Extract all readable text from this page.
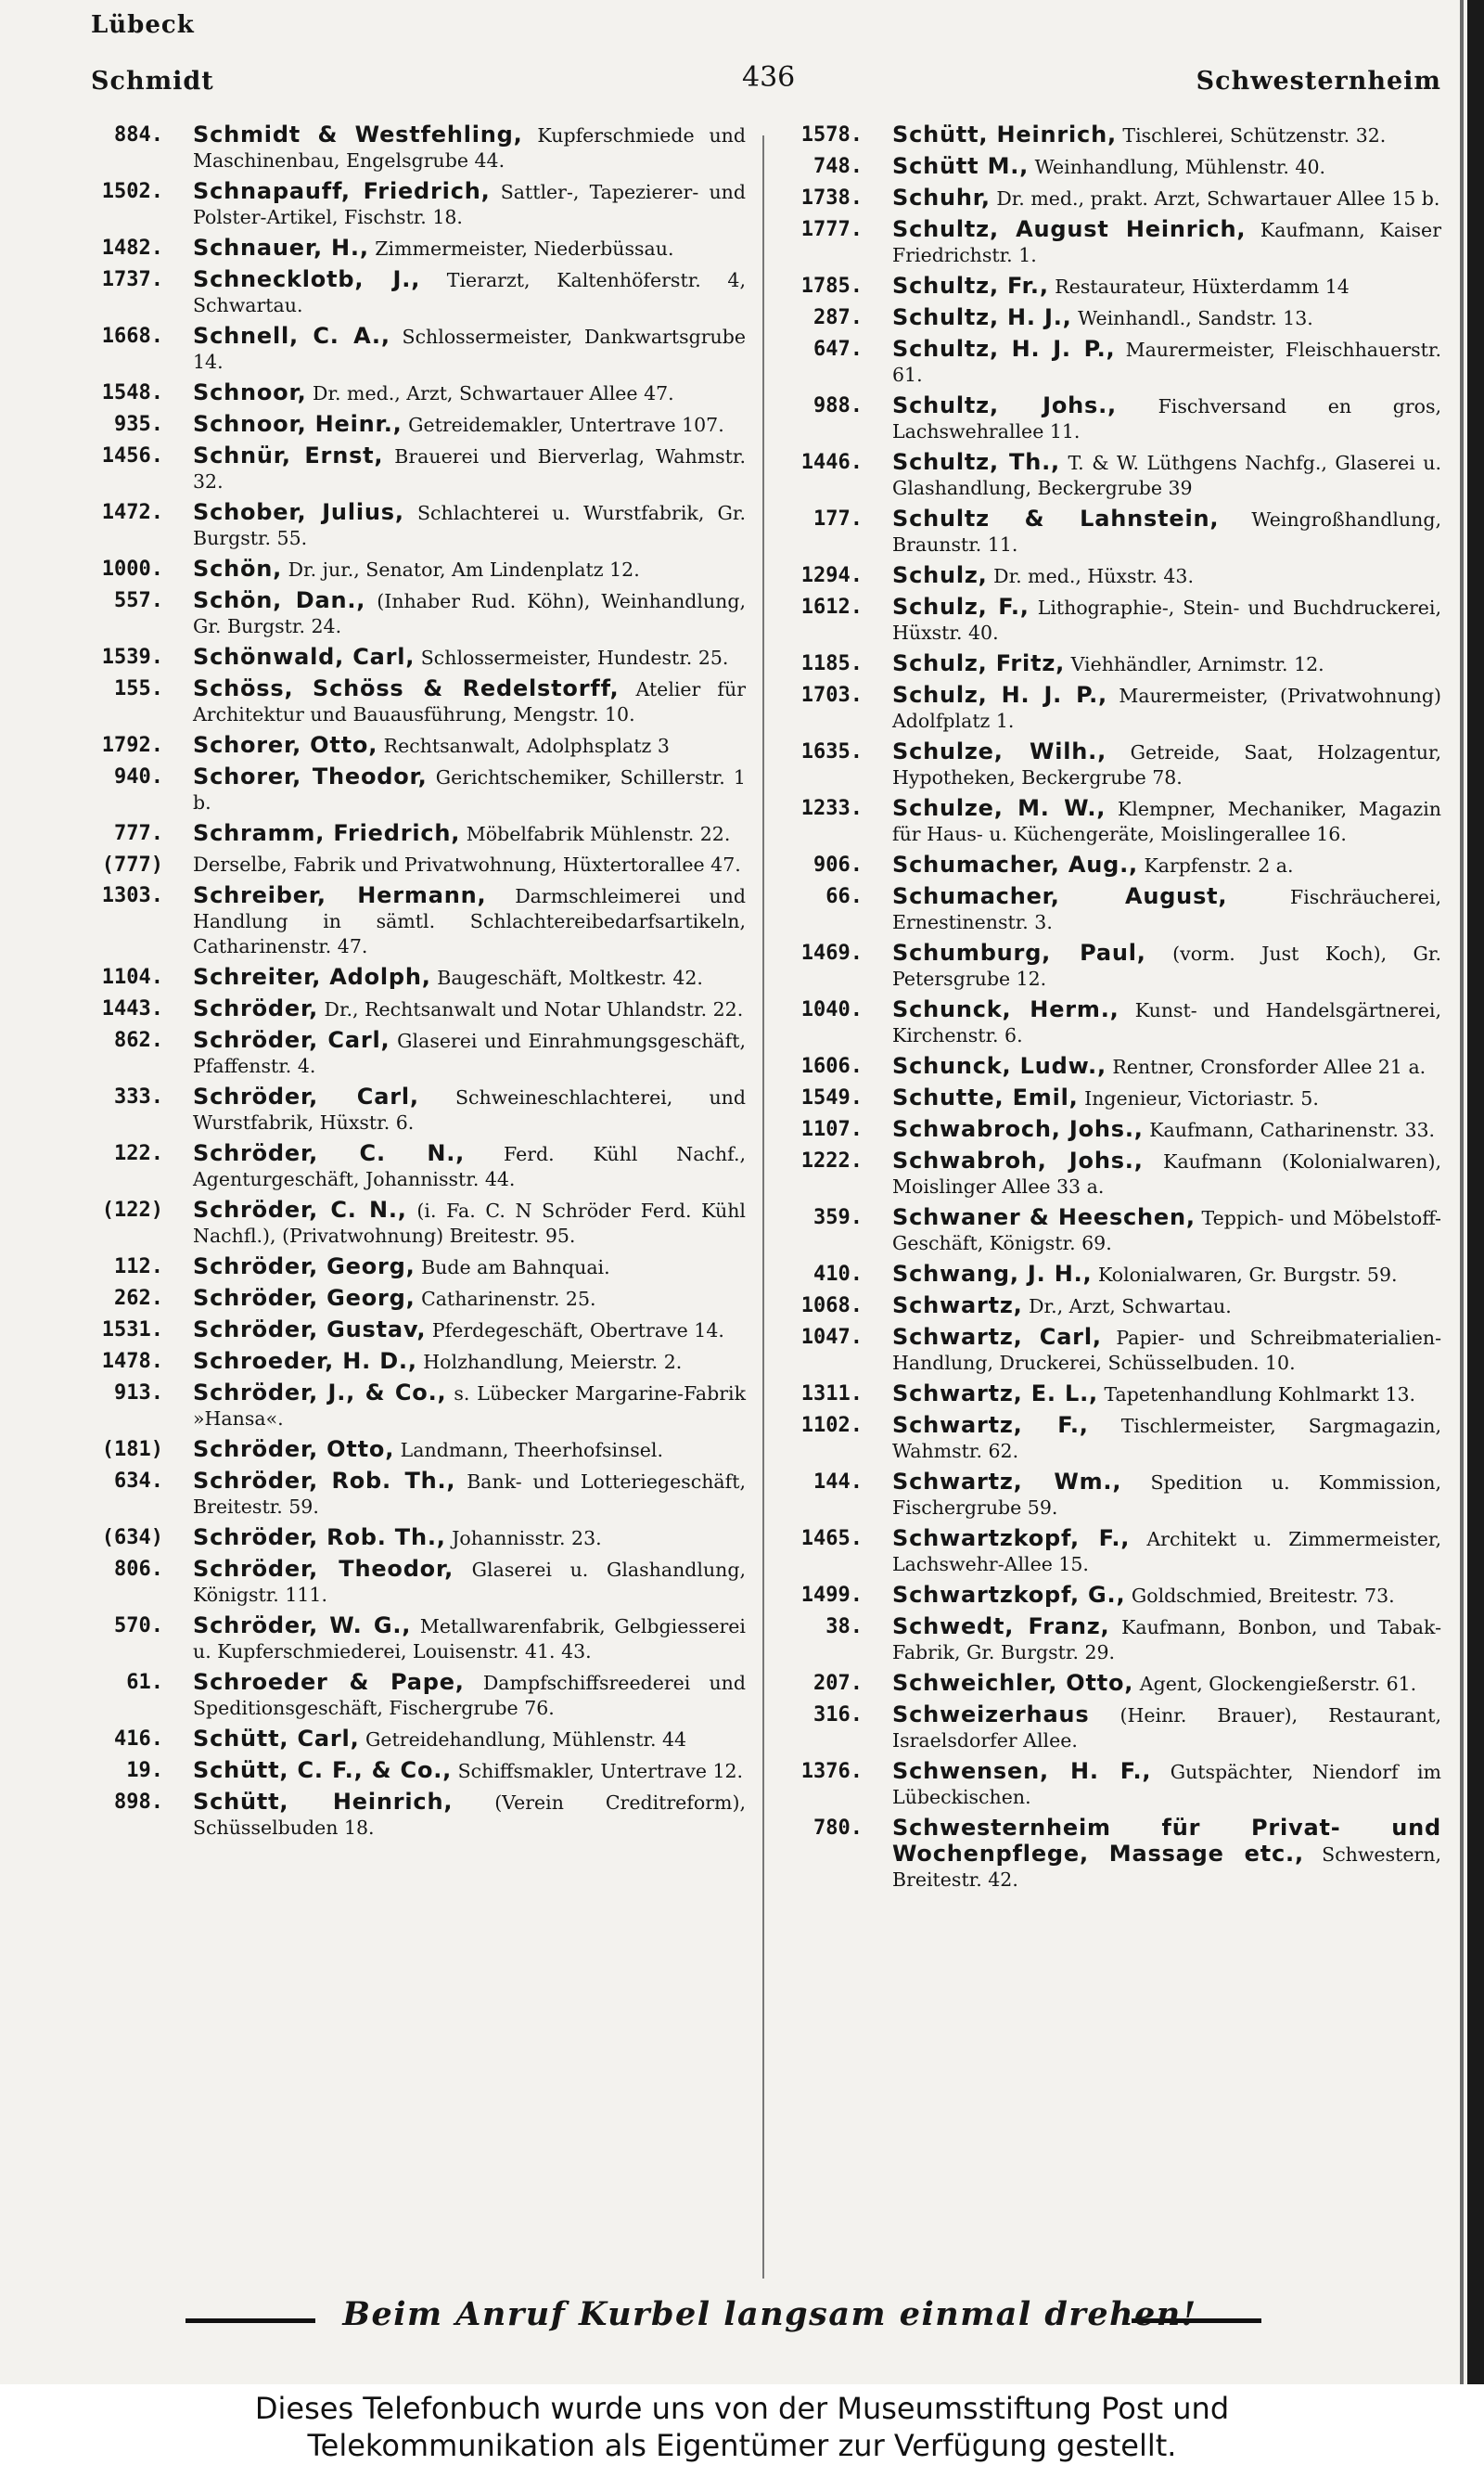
Lübeck
Schmidt	436	Schwesternheim
884. Schmidt & Westfehling, Kupferschmiede und Maschinenbau, Engelsgrube 44.
1502. Schnapauff, Friedrich, Sattler-, Tapezierer- und Polster-Artikel, Fischstr. 18.
1482. Schnauer, H., Zimmermeister, Niederbüssau.
1737. Schnecklotb, J., Tierarzt, Kaltenhöferstr. 4, Schwartau.
1668. Schnell, C. A., Schlossermeister, Dankwartsgrube 14.
1548. Schnoor, Dr. med., Arzt, Schwartauer Allee 47.
935. Schnoor, Heinr., Getreidemakler, Untertrave 107.
1456. Schnür, Ernst, Brauerei und Bierverlag, Wahmstr. 32.
1472. Schober, Julius, Schlachterei u. Wurstfabrik, Gr. Burgstr. 55.
1000. Schön, Dr. jur., Senator, Am Lindenplatz 12.
557. Schön, Dan., (Inhaber Rud. Köhn), Weinhandlung, Gr. Burgstr. 24.
1539. Schönwald, Carl, Schlossermeister, Hundestr. 25.
155. Schöss, Schöss & Redelstorff, Atelier für Architektur und Bauausführung, Mengstr. 10.
1792. Schorer, Otto, Rechtsanwalt, Adolphsplatz 3
940. Schorer, Theodor, Gerichtschemiker, Schillerstr. 1 b.
777. Schramm, Friedrich, Möbelfabrik Mühlenstr. 22.
(777) Derselbe, Fabrik und Privatwohnung, Hüxtertorallee 47.
1303. Schreiber, Hermann, Darmschleimerei und Handlung in sämtl. Schlachtereibedarfsartikeln, Catharinenstr. 47.
1104. Schreiter, Adolph, Baugeschäft, Moltkestr. 42.
1443. Schröder, Dr., Rechtsanwalt und Notar Uhlandstr. 22.
862. Schröder, Carl, Glaserei und Einrahmungsgeschäft, Pfaffenstr. 4.
333. Schröder, Carl, Schweineschlachterei, und Wurstfabrik, Hüxstr. 6.
122. Schröder, C. N., Ferd. Kühl Nachf., Agenturgeschäft, Johannisstr. 44.
(122) Schröder, C. N., (i. Fa. C. N Schröder Ferd. Kühl Nachfl.), (Privatwohnung) Breitestr. 95.
112. Schröder, Georg, Bude am Bahnquai.
262. Schröder, Georg, Catharinenstr. 25.
1531. Schröder, Gustav, Pferdegeschäft, Obertrave 14.
1478. Schroeder, H. D., Holzhandlung, Meierstr. 2.
913. Schröder, J., & Co., s. Lübecker Margarine-Fabrik »Hansa«.
(181) Schröder, Otto, Landmann, Theerhofsinsel.
634. Schröder, Rob. Th., Bank- und Lotteriegeschäft, Breitestr. 59.
(634) Schröder, Rob. Th., Johannisstr. 23.
806. Schröder, Theodor, Glaserei u. Glashandlung, Königstr. 111.
570. Schröder, W. G., Metallwarenfabrik, Gelbgiesserei u. Kupferschmiederei, Louisenstr. 41. 43.
61. Schroeder & Pape, Dampfschiffsreederei und Speditionsgeschäft, Fischergrube 76.
416. Schütt, Carl, Getreidehandlung, Mühlenstr. 44
19. Schütt, C. F., & Co., Schiffsmakler, Untertrave 12.
898. Schütt, Heinrich, (Verein Creditreform), Schüsselbuden 18.
1578. Schütt, Heinrich, Tischlerei, Schützenstr. 32.
748. Schütt M., Weinhandlung, Mühlenstr. 40.
1738. Schuhr, Dr. med., prakt. Arzt, Schwartauer Allee 15 b.
1777. Schultz, August Heinrich, Kaufmann, Kaiser Friedrichstr. 1.
1785. Schultz, Fr., Restaurateur, Hüxterdamm 14
287. Schultz, H. J., Weinhandl., Sandstr. 13.
647. Schultz, H. J. P., Maurermeister, Fleischhauerstr. 61.
988. Schultz, Johs., Fischversand en gros, Lachswehrallee 11.
1446. Schultz, Th., T. & W. Lüthgens Nachfg., Glaserei u. Glashandlung, Beckergrube 39
177. Schultz & Lahnstein, Weingroßhandlung, Braunstr. 11.
1294. Schulz, Dr. med., Hüxstr. 43.
1612. Schulz, F., Lithographie-, Stein- und Buchdruckerei, Hüxstr. 40.
1185. Schulz, Fritz, Viehhändler, Arnimstr. 12.
1703. Schulz, H. J. P., Maurermeister, (Privatwohnung) Adolfplatz 1.
1635. Schulze, Wilh., Getreide, Saat, Holzagentur, Hypotheken, Beckergrube 78.
1233. Schulze, M. W., Klempner, Mechaniker, Magazin für Haus- u. Küchengeräte, Moislingerallee 16.
906. Schumacher, Aug., Karpfenstr. 2 a.
66. Schumacher, August,	Fischräucherei, Ernestinenstr. 3.
1469. Schumburg, Paul, (vorm. Just Koch), Gr. Petersgrube 12.
1040. Schunck, Herm., Kunst- und Handelsgärtnerei, Kirchenstr. 6.
1606. Schunck, Ludw., Rentner, Cronsforder Allee 21 a.
1549. Schutte, Emil, Ingenieur, Victoriastr. 5.
1107. Schwabroch, Johs., Kaufmann, Catharinenstr. 33.
1222. Schwabroh, Johs., Kaufmann (Kolonialwaren), Moislinger Allee 33 a.
359. Schwaner & Heeschen, Teppich- und Möbelstoff-Geschäft, Königstr. 69.
410. Schwang, J. H., Kolonialwaren, Gr. Burgstr. 59.
1068. Schwartz, Dr., Arzt, Schwartau.
1047. Schwartz, Carl, Papier- und Schreibmaterialien-Handlung, Druckerei, Schüsselbuden. 10.
1311. Schwartz, E. L., Tapetenhandlung Kohlmarkt 13.
1102. Schwartz, F., Tischlermeister, Sargmagazin, Wahmstr. 62.
144. Schwartz, Wm., Spedition u. Kommission, Fischergrube 59.
1465. Schwartzkopf, F., Architekt u. Zimmermeister, Lachswehr-Allee 15.
1499. Schwartzkopf, G., Goldschmied, Breitestr. 73.
38. Schwedt, Franz, Kaufmann, Bonbon, und Tabak-Fabrik, Gr. Burgstr. 29.
207. Schweichler, Otto, Agent, Glockengießerstr. 61.
316. Schweizerhaus (Heinr. Brauer), Restaurant, Israelsdorfer Allee.
1376. Schwensen, H. F., Gutspächter, Niendorf im Lübeckischen.
780. Schwesternheim für Privat- und Wochenpflege, Massage etc., Schwestern, Breitestr. 42.
Beim Anruf Kurbel langsam einmal drehen!
Dieses Telefonbuch wurde uns von der Museumsstiftung Post und
Telekommunikation als Eigentümer zur Verfügung gestellt.
